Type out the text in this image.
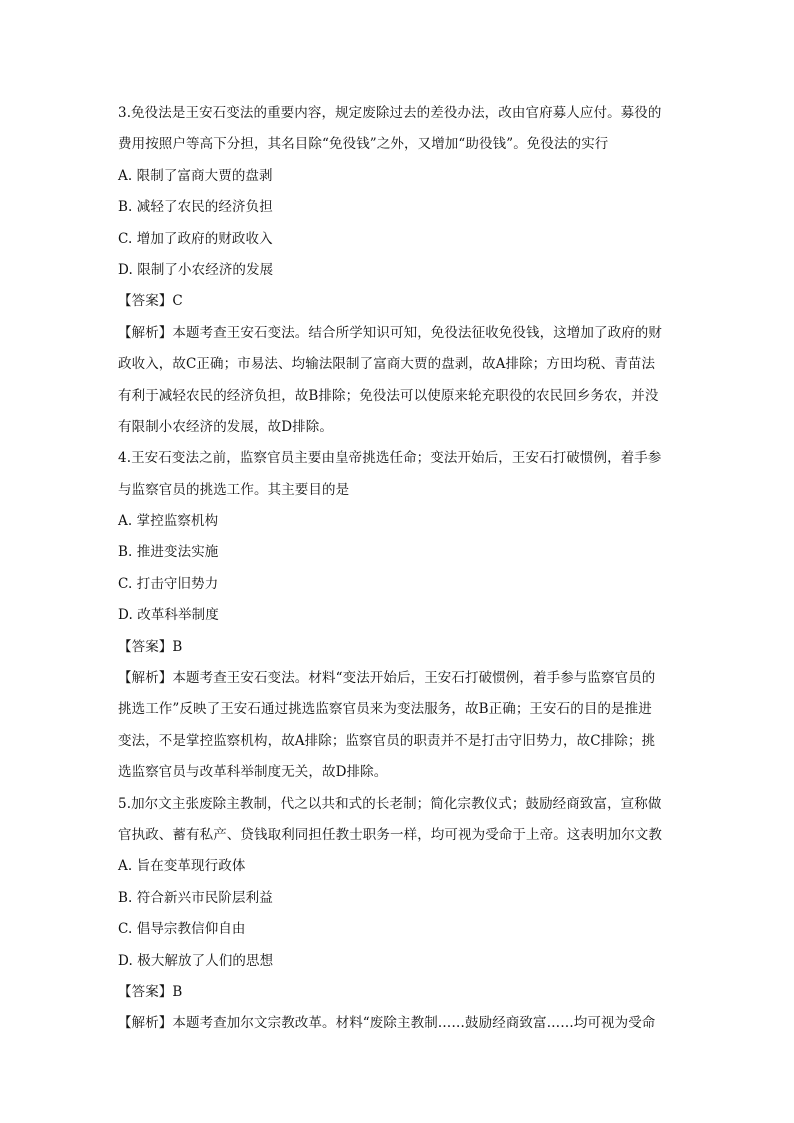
3.免役法是王安石变法的重要内容，规定废除过去的差役办法，改由官府募人应付。募役的
费用按照户等高下分担，其名目除“免役钱”之外，又增加“助役钱”。免役法的实行
A. 限制了富商大贾的盘剥
B. 减轻了农民的经济负担
C. 增加了政府的财政收入
D. 限制了小农经济的发展
【答案】C
【解析】本题考查王安石变法。结合所学知识可知，免役法征收免役钱，这增加了政府的财
政收入，故C正确；市易法、均输法限制了富商大贾的盘剥，故A排除；方田均税、青苗法
有利于减轻农民的经济负担，故B排除；免役法可以使原来轮充职役的农民回乡务农，并没
有限制小农经济的发展，故D排除。
4.王安石变法之前，监察官员主要由皇帝挑选任命；变法开始后，王安石打破惯例，着手参
与监察官员的挑选工作。其主要目的是
A. 掌控监察机构
B. 推进变法实施
C. 打击守旧势力
D. 改革科举制度
【答案】B
【解析】本题考查王安石变法。材料“变法开始后，王安石打破惯例，着手参与监察官员的
挑选工作”反映了王安石通过挑选监察官员来为变法服务，故B正确；王安石的目的是推进
变法，不是掌控监察机构，故A排除；监察官员的职责并不是打击守旧势力，故C排除；挑
选监察官员与改革科举制度无关，故D排除。
5.加尔文主张废除主教制，代之以共和式的长老制；简化宗教仪式；鼓励经商致富，宣称做
官执政、蓄有私产、贷钱取利同担任教士职务一样，均可视为受命于上帝。这表明加尔文教
A. 旨在变革现行政体
B. 符合新兴市民阶层利益
C. 倡导宗教信仰自由
D. 极大解放了人们的思想
【答案】B
【解析】本题考查加尔文宗教改革。材料“废除主教制……鼓励经商致富……均可视为受命
